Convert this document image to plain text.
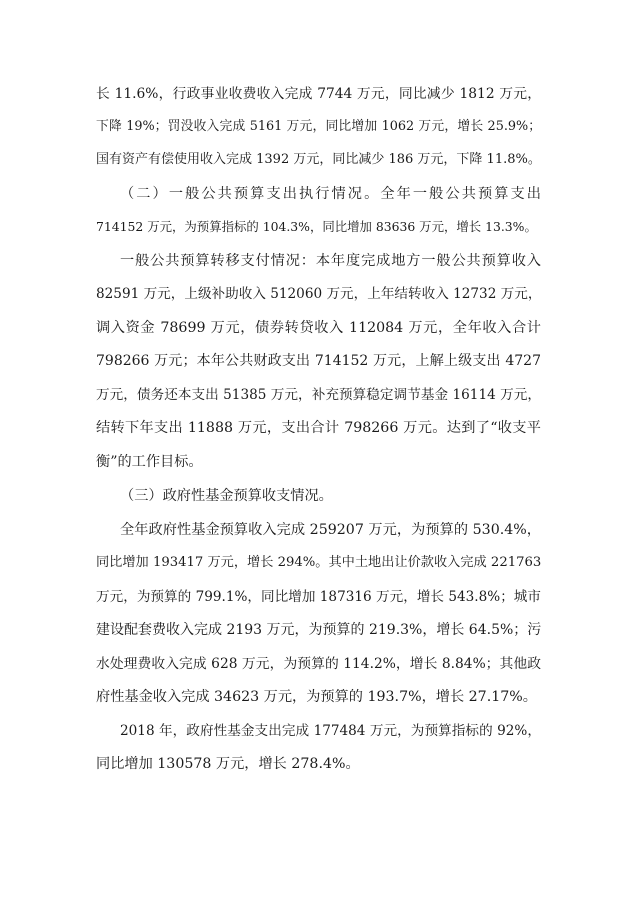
长 11.6%，行政事业收费收入完成 7744 万元，同比减少 1812 万元，
下降 19%；罚没收入完成 5161 万元，同比增加 1062 万元，增长 25.9%；
国有资产有偿使用收入完成 1392 万元，同比减少 186 万元，下降 11.8%。
（二）一般公共预算支出执行情况。全年一般公共预算支出
714152 万元，为预算指标的 104.3%，同比增加 83636 万元，增长 13.3%。
一般公共预算转移支付情况：本年度完成地方一般公共预算收入
82591 万元，上级补助收入 512060 万元，上年结转收入 12732 万元，
调入资金 78699 万元，债券转贷收入 112084 万元，全年收入合计
798266 万元；本年公共财政支出 714152 万元，上解上级支出 4727
万元，债务还本支出 51385 万元，补充预算稳定调节基金 16114 万元，
结转下年支出 11888 万元，支出合计 798266 万元。达到了“收支平
衡”的工作目标。
（三）政府性基金预算收支情况。
全年政府性基金预算收入完成 259207 万元，为预算的 530.4%，
同比增加 193417 万元，增长 294%。其中土地出让价款收入完成 221763
万元，为预算的 799.1%，同比增加 187316 万元，增长 543.8%；城市
建设配套费收入完成 2193 万元，为预算的 219.3%，增长 64.5%；污
水处理费收入完成 628 万元，为预算的 114.2%，增长 8.84%；其他政
府性基金收入完成 34623 万元，为预算的 193.7%，增长 27.17%。
2018 年，政府性基金支出完成 177484 万元，为预算指标的 92%，
同比增加 130578 万元，增长 278.4%。
